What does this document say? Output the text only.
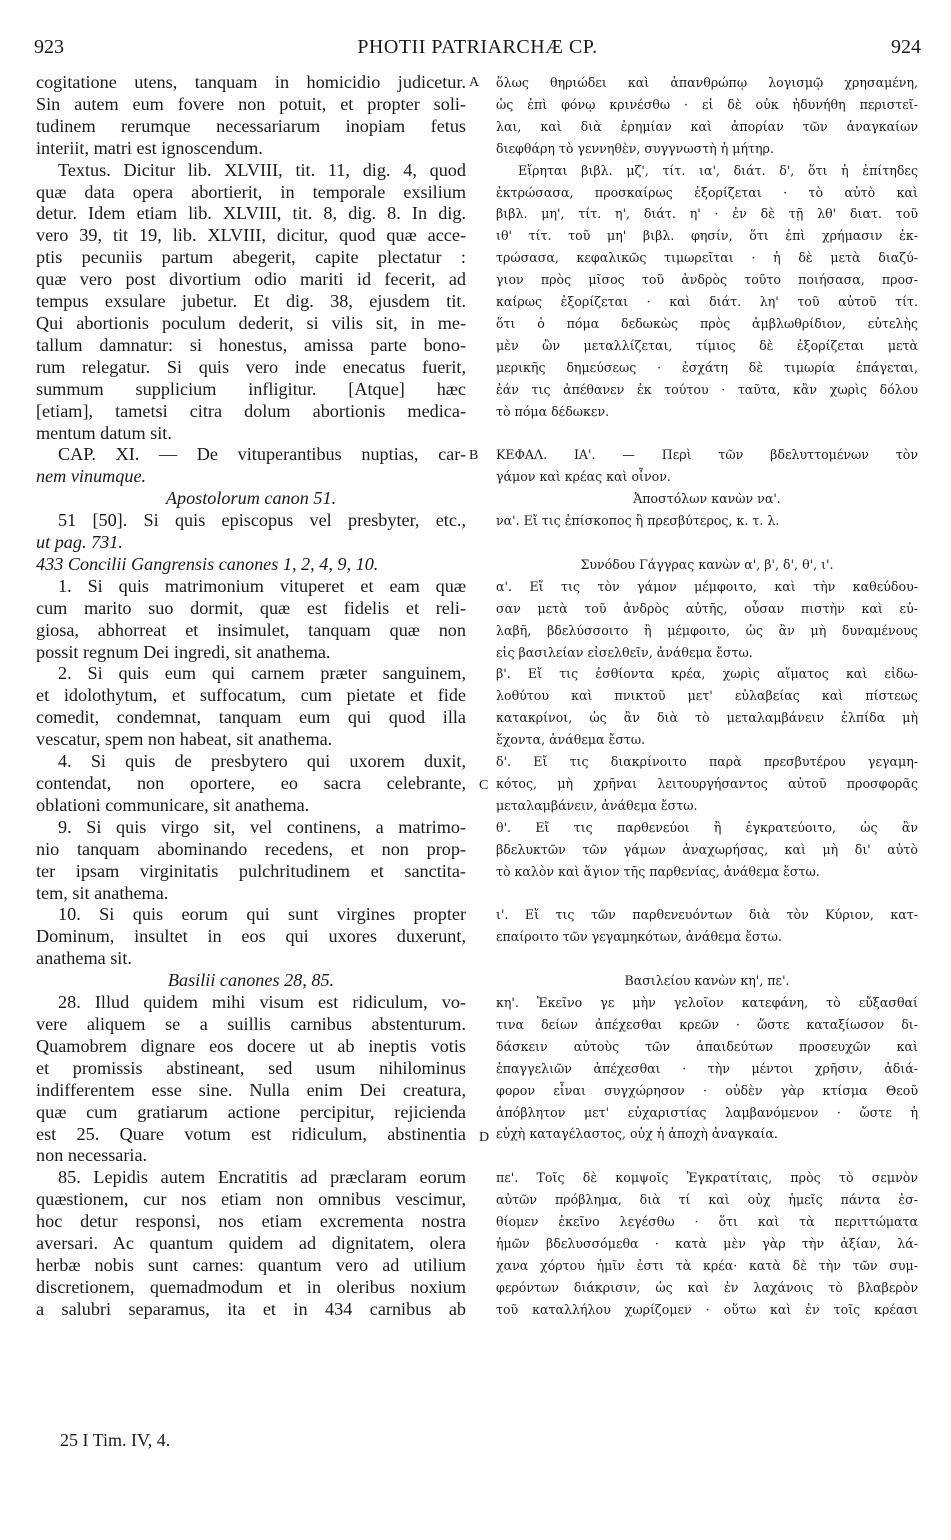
923	PHOTII PATRIARCHÆ CP.	924

cogitatione utens, tanquam in homicidio judicetur.

Sin autem eum fovere non potuit, et propter soli-

tudinem rerumque necessariarum inopiam fetus

interiit, matri est ignoscendum.

Textus. Dicitur lib. XLVIII, tit. 11, dig. 4, quod

quæ data opera abortierit, in temporale exsilium

detur. Idem etiam lib. XLVIII, tit. 8, dig. 8. In dig.

vero 39, tit 19, lib. XLVIII, dicitur, quod quæ acce-

ptis pecuniis partum abegerit, capite plectatur :

quæ vero post divortium odio mariti id fecerit, ad

tempus exsulare jubetur. Et dig. 38, ejusdem tit.

Qui abortionis poculum dederit, si vilis sit, in me-

tallum damnatur: si honestus, amissa parte bono-

rum relegatur. Si quis vero inde enecatus fuerit,

summum supplicium infligitur. [Atque] hæc

[etiam], tametsi citra dolum abortionis medica-

mentum datum sit.

CAP. XI. — De vituperantibus nuptias, car-

nem vinumque.

Apostolorum canon 51.

51 [50]. Si quis episcopus vel presbyter, etc.,

ut pag. 731.

433 Concilii Gangrensis canones 1, 2, 4, 9, 10.

1. Si quis matrimonium vituperet et eam quæ

cum marito suo dormit, quæ est fidelis et reli-

giosa, abhorreat et insimulet, tanquam quæ non

possit regnum Dei ingredi, sit anathema.

2. Si quis eum qui carnem præter sanguinem,

et idolothytum, et suffocatum, cum pietate et fide

comedit, condemnat, tanquam eum qui quod illa

vescatur, spem non habeat, sit anathema.

4. Si quis de presbytero qui uxorem duxit,

contendat, non oportere, eo sacra celebrante,

oblationi communicare, sit anathema.

9. Si quis virgo sit, vel continens, a matrimo-

nio tanquam abominando recedens, et non prop-

ter ipsam virginitatis pulchritudinem et sanctita-

tem, sit anathema.

10. Si quis eorum qui sunt virgines propter

Dominum, insultet in eos qui uxores duxerunt,

anathema sit.

Basilii canones 28, 85.

28. Illud quidem mihi visum est ridiculum, vo-

vere aliquem se a suillis carnibus abstenturum.

Quamobrem dignare eos docere ut ab ineptis votis

et promissis abstineant, sed usum nihilominus

indifferentem esse sine. Nulla enim Dei creatura,

quæ cum gratiarum actione percipitur, rejicienda

est 25. Quare votum est ridiculum, abstinentia

non necessaria.

85. Lepidis autem Encratitis ad præclaram eorum

quæstionem, cur nos etiam non omnibus vescimur,

hoc detur responsi, nos etiam excrementa nostra

aversari. Ac quantum quidem ad dignitatem, olera

herbæ nobis sunt carnes: quantum vero ad utilium

discretionem, quemadmodum et in oleribus noxium

a salubri separamus, ita et in 434 carnibus ab

A
B
C
D

ὅλως θηριώδει καὶ ἀπανθρώπῳ λογισμῷ χρησαμένη,

ὡς ἐπὶ φόνῳ κρινέσθω · εἰ δὲ οὐκ ἠδυνήθη περιστεῖ-

λαι, καὶ διὰ ἐρημίαν καὶ ἀπορίαν τῶν ἀναγκαίων

διεφθάρη τὸ γεννηθὲν, συγγνωστὴ ἡ μήτηρ.

Εἴρηται βιβλ. μζ', τίτ. ια', διάτ. δ', ὅτι ἡ ἐπίτηδες

ἐκτρώσασα, προσκαίρως ἐξορίζεται · τὸ αὐτὸ καὶ

βιβλ. μη', τίτ. η', διάτ. η' · ἐν δὲ τῇ λθ' διατ. τοῦ

ιθ' τίτ. τοῦ μη' βιβλ. φησίν, ὅτι ἐπὶ χρήμασιν ἐκ-

τρώσασα, κεφαλικῶς τιμωρεῖται · ἡ δὲ μετὰ διαζύ-

γιον πρὸς μῖσος τοῦ ἀνδρὸς τοῦτο ποιήσασα, προσ-

καίρως ἐξορίζεται · καὶ διάτ. λη' τοῦ αὐτοῦ τίτ.

ὅτι ὁ πόμα δεδωκὼς πρὸς ἀμβλωθρίδιον, εὐτελὴς

μὲν ὢν μεταλλίζεται, τίμιος δὲ ἐξορίζεται μετὰ

μερικῆς δημεύσεως · ἐσχάτη δὲ τιμωρία ἐπάγεται,

ἐάν τις ἀπέθανεν ἐκ τούτου · ταῦτα, κἂν χωρὶς δόλου

τὸ πόμα δέδωκεν.

ΚΕΦΑΛ. ΙΑ'. — Περὶ τῶν βδελυττομένων τὸν

γάμον καὶ κρέας καὶ οἶνον.

Ἀποστόλων κανὼν να'.

να'. Εἴ τις ἐπίσκοπος ἢ πρεσβύτερος, κ. τ. λ.

Συνόδου Γάγγρας κανὼν α', β', δ', θ', ι'.

α'. Εἴ τις τὸν γάμον μέμφοιτο, καὶ τὴν καθεύδου-

σαν μετὰ τοῦ ἀνδρὸς αὐτῆς, οὖσαν πιστὴν καὶ εὐ-

λαβῆ, βδελύσσοιτο ἢ μέμφοιτο, ὡς ἂν μὴ δυναμένους

εἰς βασιλείαν εἰσελθεῖν, ἀνάθεμα ἔστω.

β'. Εἴ τις ἐσθίοντα κρέα, χωρὶς αἵματος καὶ εἰδω-

λοθύτου καὶ πνικτοῦ μετ' εὐλαβείας καὶ πίστεως

κατακρίνοι, ὡς ἂν διὰ τὸ μεταλαμβάνειν ἐλπίδα μὴ

ἔχοντα, ἀνάθεμα ἔστω.

δ'. Εἴ τις διακρίνοιτο παρὰ πρεσβυτέρου γεγαμη-

κότος, μὴ χρῆναι λειτουργήσαντος αὐτοῦ προσφορᾶς

μεταλαμβάνειν, ἀνάθεμα ἔστω.

θ'. Εἴ τις παρθενεύοι ἢ ἐγκρατεύοιτο, ὡς ἂν

βδελυκτῶν τῶν γάμων ἀναχωρήσας, καὶ μὴ δι' αὐτὸ

τὸ καλὸν καὶ ἅγιον τῆς παρθενίας, ἀνάθεμα ἔστω.

ι'. Εἴ τις τῶν παρθενευόντων διὰ τὸν Κύριον, κατ-

επαίροιτο τῶν γεγαμηκότων, ἀνάθεμα ἔστω.

Βασιλείου κανὼν κη', πε'.

κη'. Ἐκεῖνο γε μὴν γελοῖον κατεφάνη, τὸ εὔξασθαί

τινα δείων ἀπέχεσθαι κρεῶν · ὥστε καταξίωσον δι-

δάσκειν αὐτοὺς τῶν ἀπαιδεύτων προσευχῶν καὶ

ἐπαγγελιῶν ἀπέχεσθαι · τὴν μέντοι χρῆσιν, ἀδιά-

φορον εἶναι συγχώρησον · οὐδὲν γὰρ κτίσμα Θεοῦ

ἀπόβλητον μετ' εὐχαριστίας λαμβανόμενον · ὥστε ἡ

εὐχὴ καταγέλαστος, οὐχ ἡ ἀποχὴ ἀναγκαία.

πε'. Τοῖς δὲ κομψοῖς Ἐγκρατίταις, πρὸς τὸ σεμνὸν

αὐτῶν πρόβλημα, διὰ τί καὶ οὐχ ἡμεῖς πάντα ἐσ-

θίομεν ἐκεῖνο λεγέσθω · ὅτι καὶ τὰ περιττώματα

ἡμῶν βδελυσσόμεθα · κατὰ μὲν γὰρ τὴν ἀξίαν, λά-

χανα χόρτου ἡμῖν ἐστι τὰ κρέα· κατὰ δὲ τὴν τῶν συμ-

φερόντων διάκρισιν, ὡς καὶ ἐν λαχάνοις τὸ βλαβερὸν

τοῦ καταλλήλου χωρίζομεν · οὕτω καὶ ἐν τοῖς κρέασι

25 I Tim. IV, 4.
